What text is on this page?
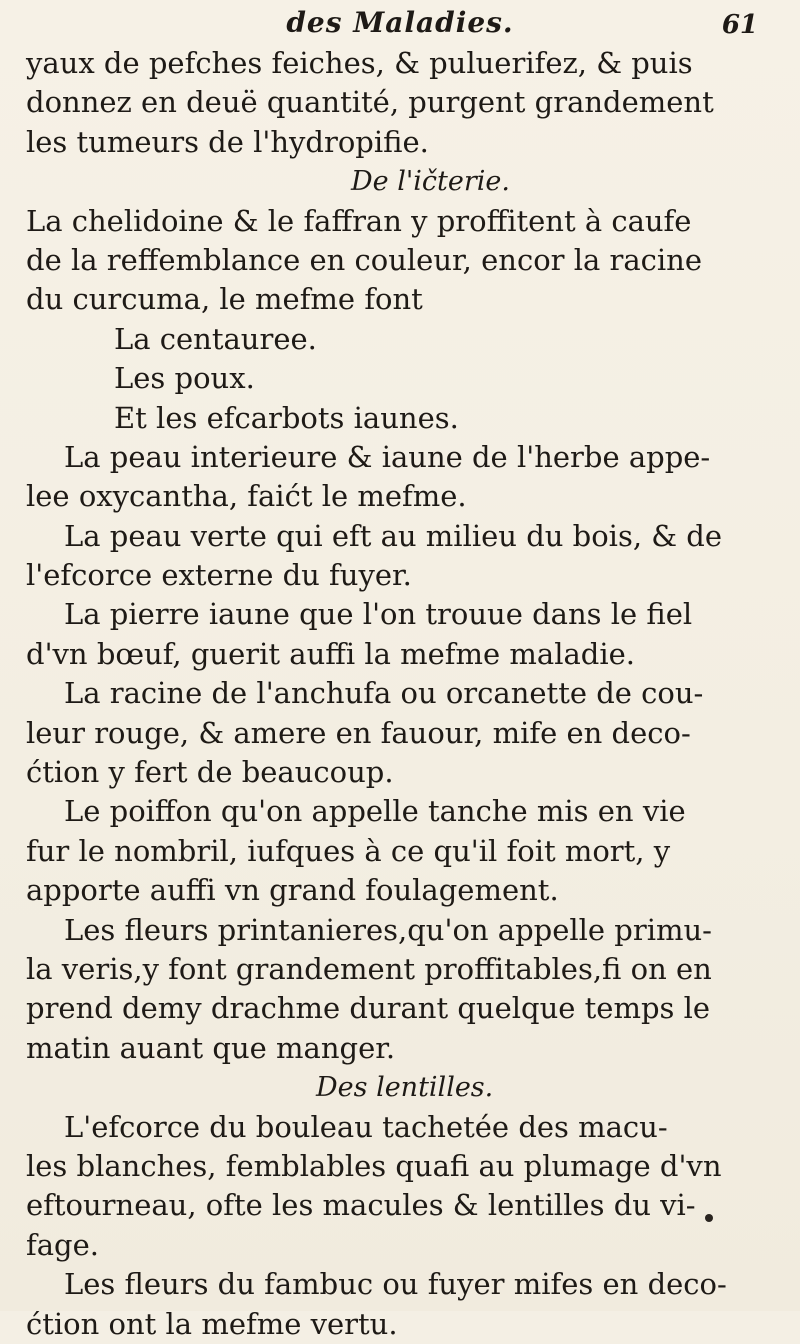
des Maladies.	61
yaux de pefches feiches, & puluerifez, & puis
donnez en deuë quantité, purgent grandement
les tumeurs de l'hydropifie.
De l'ičterie.
La chelidoine & le faffran y proffitent à caufe
de la reffemblance en couleur, encor la racine
du curcuma, le mefme font
La centauree.
Les poux.
Et les efcarbots iaunes.
La peau interieure & iaune de l'herbe appe-
lee oxycantha, faićt le mefme.
La peau verte qui eft au milieu du bois, & de
l'efcorce externe du fuyer.
La pierre iaune que l'on trouue dans le fiel
d'vn bœuf, guerit auffi la mefme maladie.
La racine de l'anchufa ou orcanette de cou-
leur rouge, & amere en fauour, mife en deco-
ćtion y fert de beaucoup.
Le poiffon qu'on appelle tanche mis en vie
fur le nombril, iufques à ce qu'il foit mort, y
apporte auffi vn grand foulagement.
Les fleurs printanieres,qu'on appelle primu-
la veris,y font grandement proffitables,fi on en
prend demy drachme durant quelque temps le
matin auant que manger.
Des lentilles.
L'efcorce du bouleau tachetée des macu-
les blanches, femblables quafi au plumage d'vn
eftourneau, ofte les macules & lentilles du vi-
fage.
Les fleurs du fambuc ou fuyer mifes en deco-
ćtion ont la mefme vertu.
